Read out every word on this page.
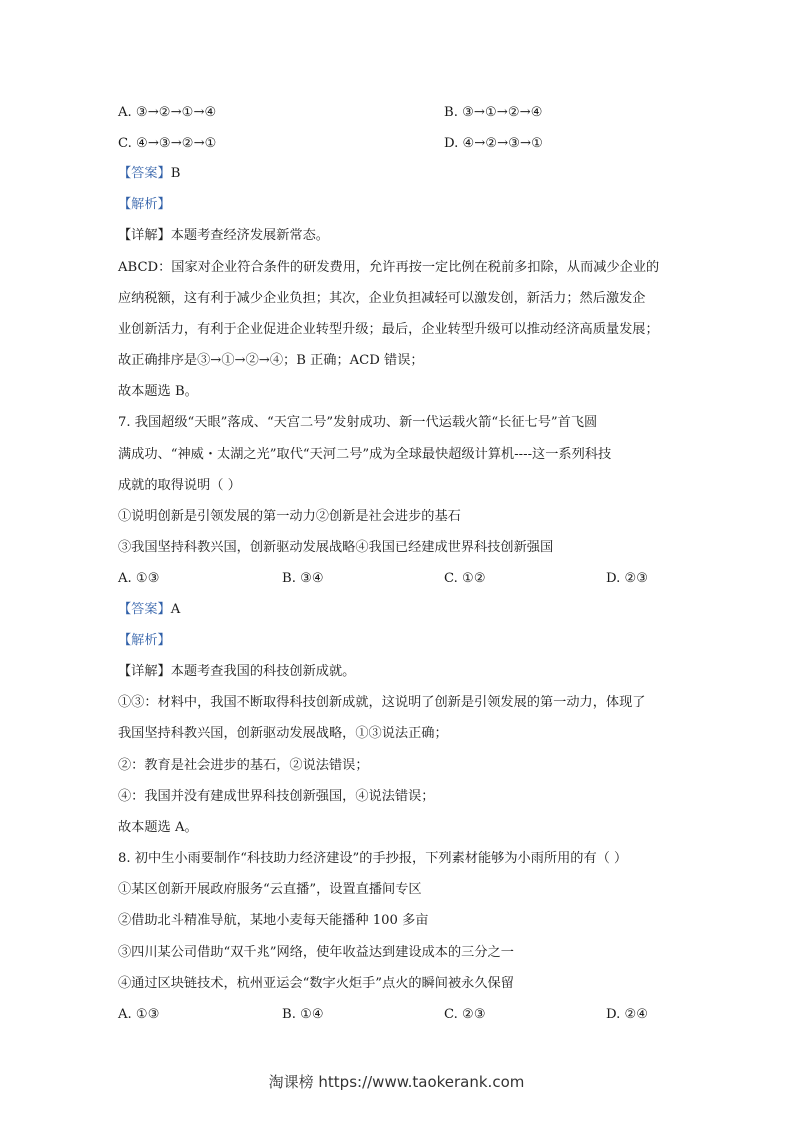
A. ③→②→①→④	B. ③→①→②→④
C. ④→③→②→①	D. ④→②→③→①
【答案】B
【解析】
【详解】本题考查经济发展新常态。
ABCD：国家对企业符合条件的研发费用，允许再按一定比例在税前多扣除，从而减少企业的
应纳税额，这有利于减少企业负担；其次，企业负担减轻可以激发创，新活力；然后激发企
业创新活力，有利于企业促进企业转型升级；最后，企业转型升级可以推动经济高质量发展；
故正确排序是③→①→②→④；B 正确；ACD 错误；
故本题选 B。
7. 我国超级“天眼”落成、“天宫二号”发射成功、新一代运载火箭“长征七号”首飞圆
满成功、“神威・太湖之光”取代“天河二号”成为全球最快超级计算机----这一系列科技
成就的取得说明（ ）
①说明创新是引领发展的第一动力②创新是社会进步的基石
③我国坚持科教兴国，创新驱动发展战略④我国已经建成世界科技创新强国
A. ①③	B. ③④	C. ①②	D. ②③
【答案】A
【解析】
【详解】本题考查我国的科技创新成就。
①③：材料中，我国不断取得科技创新成就，这说明了创新是引领发展的第一动力，体现了
我国坚持科教兴国，创新驱动发展战略，①③说法正确；
②：教育是社会进步的基石，②说法错误；
④：我国并没有建成世界科技创新强国，④说法错误；
故本题选 A。
8. 初中生小雨要制作“科技助力经济建设”的手抄报，下列素材能够为小雨所用的有（ ）
①某区创新开展政府服务“云直播”，设置直播间专区
②借助北斗精准导航，某地小麦每天能播种 100 多亩
③四川某公司借助“双千兆”网络，使年收益达到建设成本的三分之一
④通过区块链技术，杭州亚运会“数字火炬手”点火的瞬间被永久保留
A. ①③	B. ①④	C. ②③	D. ②④
淘课榜 https://www.taokerank.com
